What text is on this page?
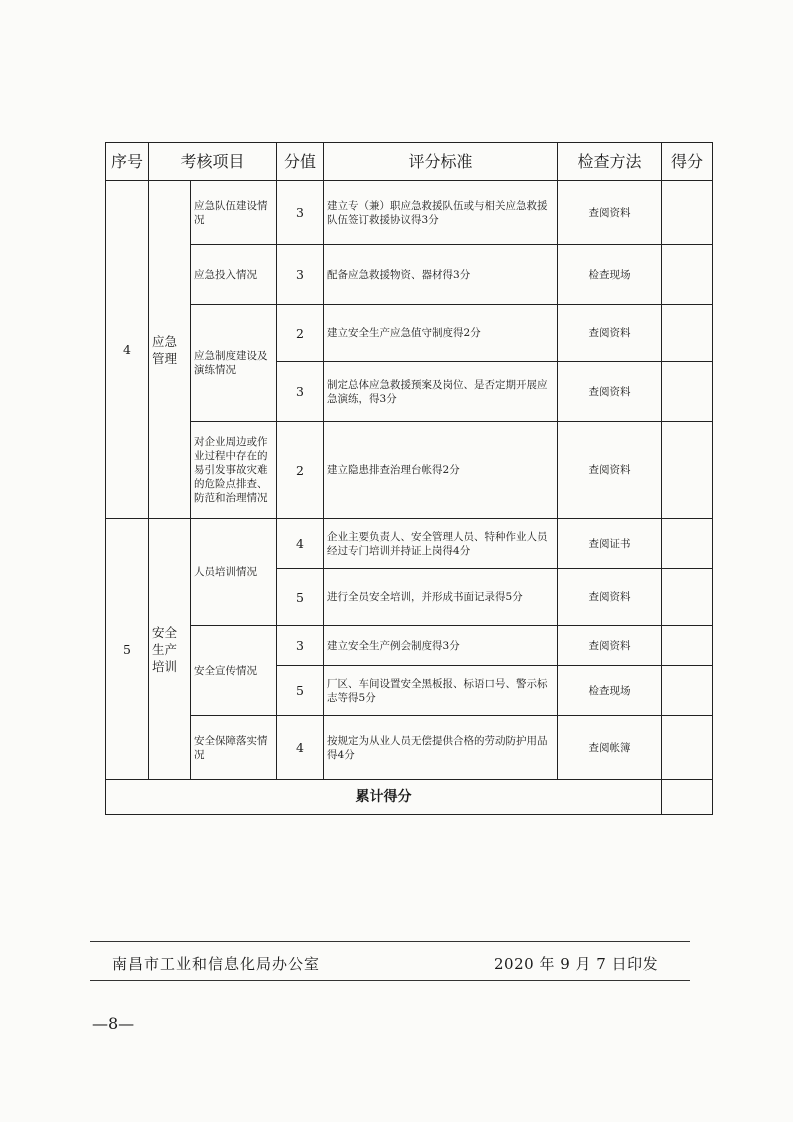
序号	考核项目		分值	评分标准	检查方法	得分
4	应急管理	应急队伍建设情况	3	建立专（兼）职应急救援队伍或与相关应急救援队伍签订救援协议得3分	查阅资料	
		应急投入情况	3	配备应急救援物资、器材得3分	检查现场	
		应急制度建设及演练情况	2	建立安全生产应急值守制度得2分	查阅资料	
			3	制定总体应急救援预案及岗位、是否定期开展应急演练，得3分	查阅资料	
		对企业周边或作业过程中存在的易引发事故灾难的危险点排查、防范和治理情况	2	建立隐患排查治理台帐得2分	查阅资料	
5	安全生产培训	人员培训情况	4	企业主要负责人、安全管理人员、特种作业人员经过专门培训并持证上岗得4分	查阅证书	
			5	进行全员安全培训，并形成书面记录得5分	查阅资料	
		安全宣传情况	3	建立安全生产例会制度得3分	查阅资料	
			5	厂区、车间设置安全黑板报、标语口号、警示标志等得5分	检查现场	
		安全保障落实情况	4	按规定为从业人员无偿提供合格的劳动防护用品得4分	查阅帐簿	
累计得分						
南昌市工业和信息化局办公室	2020 年 9 月 7 日印发
—8—
